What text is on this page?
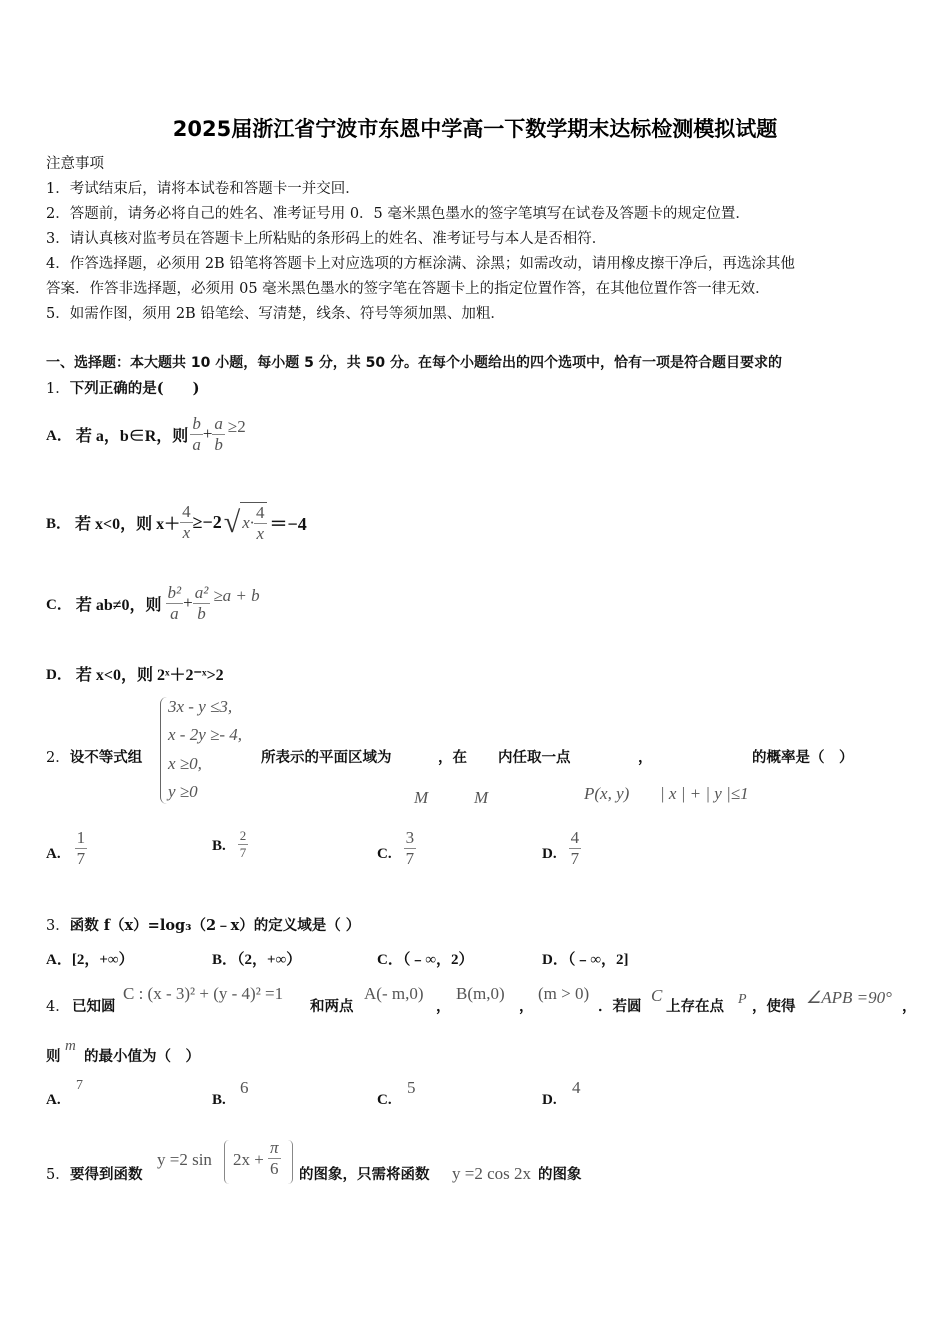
2025届浙江省宁波市东恩中学高一下数学期末达标检测模拟试题
注意事项
1．考试结束后，请将本试卷和答题卡一并交回．
2．答题前，请务必将自己的姓名、准考证号用 0．5 毫米黑色墨水的签字笔填写在试卷及答题卡的规定位置．
3．请认真核对监考员在答题卡上所粘贴的条形码上的姓名、准考证号与本人是否相符．
4．作答选择题，必须用 2B 铅笔将答题卡上对应选项的方框涂满、涂黑；如需改动，请用橡皮擦干净后，再选涂其他
答案．作答非选择题，必须用 05 毫米黑色墨水的签字笔在答题卡上的指定位置作答，在其他位置作答一律无效．
5．如需作图，须用 2B 铅笔绘、写清楚，线条、符号等须加黑、加粗．
一、选择题：本大题共 10 小题，每小题 5 分，共 50 分。在每个小题给出的四个选项中，恰有一项是符合题目要求的
1．下列正确的是(　　)
A． 若 a，b∈R，则 $\frac{b}{a} + \frac{a}{b} \ge 2$
B． 若 x<0，则 $x+ \frac{4}{x} \ge-2$ √ $x\cdot \frac{4}{x} =-4$
C． 若 ab≠0，则 $\frac{\text{b²}}{a} + \frac{\text{a²}}{b} \ge a + b$
D． 若 x<0，则 2ˣ＋2⁻ˣ>2
2．设不等式组
3x - y ≤3,
x - 2y ≥- 4,
x ≥0,
y ≥0
所表示的平面区域为	，在 内任取一点	，	的概率是（　）
M	M	P(x, y) | x | + | y |≤1
A. $\frac{1}{7}$	B. $\frac{2}{7}$	C. $\frac{3}{7}$	D. $\frac{4}{7}$
3．函数 f（x）=log₃（2﹣x）的定义域是（ ）
A．[2，+∞）	B．（2，+∞）	C．（﹣∞，2）	D．（﹣∞，2]
4． 已知圆
C : (x - 3)² + (y - 4)² =1
和两点
A(- m,0)
，
B(m,0)
，
(m > 0)
．若圆
C
上存在点 P ，使得 ∠APB =90° ，
则
m
的最小值为（　）
A.
7
B.
6
C.
5
D.
4
5． 要得到函数
y =2 $\sin 2x + \frac{\pi}{6}$ 的图象，只需将函数 y =2 cos 2x 的图象
